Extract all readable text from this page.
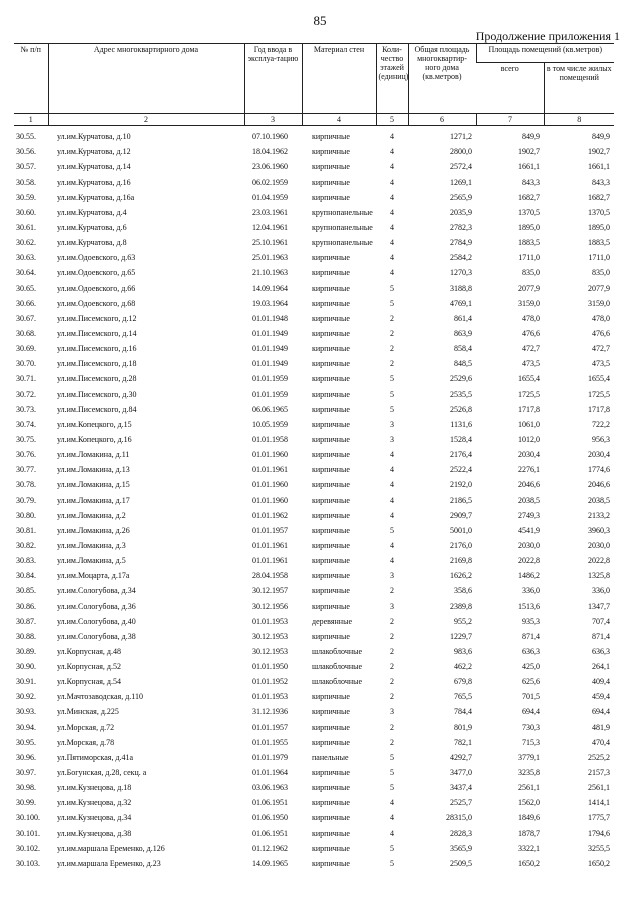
85
Продолжение приложения 1
№ п/п	Адрес многоквартирного дома	Год ввода в эксплуа-тацию	Материал стен	Коли-чество этажей (единиц)	Общая площадь многоквартир-ного дома (кв.метров)	Площадь помещений (кв.метров)	
						всего	в том числе жилых помещений
1	2	3	4	5	6	7	8
30.55.	ул.им.Курчатова, д.10	07.10.1960	кирпичные	4	1271,2	849,9	849,9
30.56.	ул.им.Курчатова, д.12	18.04.1962	кирпичные	4	2800,0	1902,7	1902,7
30.57.	ул.им.Курчатова, д.14	23.06.1960	кирпичные	4	2572,4	1661,1	1661,1
30.58.	ул.им.Курчатова, д.16	06.02.1959	кирпичные	4	1269,1	843,3	843,3
30.59.	ул.им.Курчатова, д.16а	01.04.1959	кирпичные	4	2565,9	1682,7	1682,7
30.60.	ул.им.Курчатова, д.4	23.03.1961	крупнопанельные	4	2035,9	1370,5	1370,5
30.61.	ул.им.Курчатова, д.6	12.04.1961	крупнопанельные	4	2782,3	1895,0	1895,0
30.62.	ул.им.Курчатова, д.8	25.10.1961	крупнопанельные	4	2784,9	1883,5	1883,5
30.63.	ул.им.Одоевского, д.63	25.01.1963	кирпичные	4	2584,2	1711,0	1711,0
30.64.	ул.им.Одоевского, д.65	21.10.1963	кирпичные	4	1270,3	835,0	835,0
30.65.	ул.им.Одоевского, д.66	14.09.1964	кирпичные	5	3188,8	2077,9	2077,9
30.66.	ул.им.Одоевского, д.68	19.03.1964	кирпичные	5	4769,1	3159,0	3159,0
30.67.	ул.им.Писемского, д.12	01.01.1948	кирпичные	2	861,4	478,0	478,0
30.68.	ул.им.Писемского, д.14	01.01.1949	кирпичные	2	863,9	476,6	476,6
30.69.	ул.им.Писемского, д.16	01.01.1949	кирпичные	2	858,4	472,7	472,7
30.70.	ул.им.Писемского, д.18	01.01.1949	кирпичные	2	848,5	473,5	473,5
30.71.	ул.им.Писемского, д.28	01.01.1959	кирпичные	5	2529,6	1655,4	1655,4
30.72.	ул.им.Писемского, д.30	01.01.1959	кирпичные	5	2535,5	1725,5	1725,5
30.73.	ул.им.Писемского, д.84	06.06.1965	кирпичные	5	2526,8	1717,8	1717,8
30.74.	ул.им.Копецкого, д.15	10.05.1959	кирпичные	3	1131,6	1061,0	722,2
30.75.	ул.им.Копецкого, д.16	01.01.1958	кирпичные	3	1528,4	1012,0	956,3
30.76.	ул.им.Ломакина, д.11	01.01.1960	кирпичные	4	2176,4	2030,4	2030,4
30.77.	ул.им.Ломакина, д.13	01.01.1961	кирпичные	4	2522,4	2276,1	1774,6
30.78.	ул.им.Ломакина, д.15	01.01.1960	кирпичные	4	2192,0	2046,6	2046,6
30.79.	ул.им.Ломакина, д.17	01.01.1960	кирпичные	4	2186,5	2038,5	2038,5
30.80.	ул.им.Ломакина, д.2	01.01.1962	кирпичные	4	2909,7	2749,3	2133,2
30.81.	ул.им.Ломакина, д.26	01.01.1957	кирпичные	5	5001,0	4541,9	3960,3
30.82.	ул.им.Ломакина, д.3	01.01.1961	кирпичные	4	2176,0	2030,0	2030,0
30.83.	ул.им.Ломакина, д.5	01.01.1961	кирпичные	4	2169,8	2022,8	2022,8
30.84.	ул.им.Моцарта, д.17а	28.04.1958	кирпичные	3	1626,2	1486,2	1325,8
30.85.	ул.им.Сологубова, д.34	30.12.1957	кирпичные	2	358,6	336,0	336,0
30.86.	ул.им.Сологубова, д.36	30.12.1956	кирпичные	3	2389,8	1513,6	1347,7
30.87.	ул.им.Сологубова, д.40	01.01.1953	деревянные	2	955,2	935,3	707,4
30.88.	ул.им.Сологубова, д.38	30.12.1953	кирпичные	2	1229,7	871,4	871,4
30.89.	ул.Корпусная, д.48	30.12.1953	шлакоблочные	2	983,6	636,3	636,3
30.90.	ул.Корпусная, д.52	01.01.1950	шлакоблочные	2	462,2	425,0	264,1
30.91.	ул.Корпусная, д.54	01.01.1952	шлакоблочные	2	679,8	625,6	409,4
30.92.	ул.Мачтозаводская, д.110	01.01.1953	кирпичные	2	765,5	701,5	459,4
30.93.	ул.Минская, д.225	31.12.1936	кирпичные	3	784,4	694,4	694,4
30.94.	ул.Морская, д.72	01.01.1957	кирпичные	2	801,9	730,3	481,9
30.95.	ул.Морская, д.78	01.01.1955	кирпичные	2	782,1	715,3	470,4
30.96.	ул.Пятиморская, д.41а	01.01.1979	панельные	5	4292,7	3779,1	2525,2
30.97.	ул.Богунская, д.28, секц. а	01.01.1964	кирпичные	5	3477,0	3235,8	2157,3
30.98.	ул.им.Кузнецова, д.18	03.06.1963	кирпичные	5	3437,4	2561,1	2561,1
30.99.	ул.им.Кузнецова, д.32	01.06.1951	кирпичные	4	2525,7	1562,0	1414,1
30.100.	ул.им.Кузнецова, д.34	01.06.1950	кирпичные	4	28315,0	1849,6	1775,7
30.101.	ул.им.Кузнецова, д.38	01.06.1951	кирпичные	4	2828,3	1878,7	1794,6
30.102.	ул.им.маршала Еременко, д.126	01.12.1962	кирпичные	5	3565,9	3322,1	3255,5
30.103.	ул.им.маршала Еременко, д.23	14.09.1965	кирпичные	5	2509,5	1650,2	1650,2
